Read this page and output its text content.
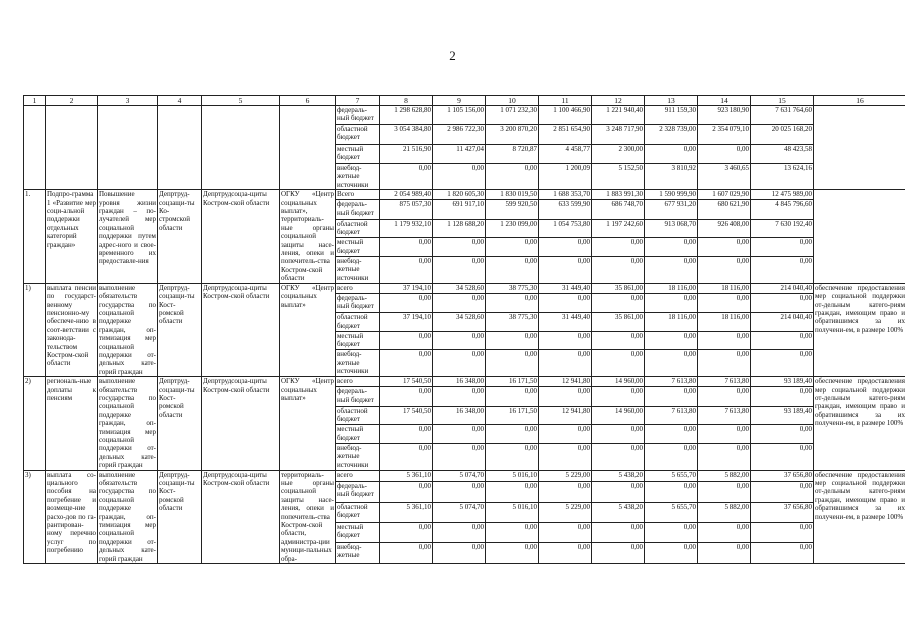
2
1	2	3	4	5	6	7	8	9	10	11	12	13	14	15	16
						федераль-ный бюджет	1 298 628,80	1 105 156,00	1 071 232,30	1 100 466,90	1 221 940,40	911 159,30	923 180,90	7 631 764,60	
						областной бюджет	3 054 384,80	2 986 722,30	3 200 870,20	2 851 654,90	3 248 717,90	2 328 739,00	2 354 079,10	20 025 168,20	
						местный бюджет	21 516,90	11 427,04	8 720,87	4 458,77	2 300,00	0,00	0,00	48 423,58	
						внебюд-жетные источники	0,00	0,00	0,00	1 200,09	5 152,50	3 810,92	3 460,65	13 624,16	
1.	Подпро-грамма 1 «Развитие мер соци-альной поддержки отдельных категорий граждан»	Повышение уровня жизни граждан – по-лучателей мер социальной поддержки путем адрес-ного и свое-временного их предоставле-ния	Депртруд-соцзащи-ты Ко-стромской области	Депртрудсоцза-щиты Костром-ской области	ОГКУ «Центр социальных выплат», территориаль-ные органы социальной защиты насе-ления, опеки и попечитель-ства Костром-ской области	Всего	2 054 989,40	1 820 605,30	1 830 019,50	1 688 353,70	1 883 991,30	1 590 999,90	1 607 029,90	12 475 989,00	
						федераль-ный бюджет	875 057,30	691 917,10	599 920,50	633 599,90	686 748,70	677 931,20	680 621,90	4 845 796,60	
						областной бюджет	1 179 932,10	1 128 688,20	1 230 099,00	1 054 753,80	1 197 242,60	913 068,70	926 408,00	7 630 192,40	
						местный бюджет	0,00	0,00	0,00	0,00	0,00	0,00	0,00	0,00	
						внебюд-жетные источники	0,00	0,00	0,00	0,00	0,00	0,00	0,00	0,00	
1)	выплата пенсии по государст-венному пенсионно-му обеспече-нию в соот-ветствии с законода-тельством Костром-ской области	выполнение обязательств государства по социальной поддержке граждан, оп-тимизация мер социальной поддержки от-дельных кате-горий граждан	Депртруд-соцзащи-ты Кост-ромской области	Депртрудсоцза-щиты Костром-ской области	ОГКУ «Центр социальных выплат»	всего	37 194,10	34 528,60	38 775,30	31 449,40	35 861,00	18 116,00	18 116,00	214 040,40	обеспечение предоставления мер социальной поддержки от-дельным катего-риям граждан, имеющим право и обратившимся за их получени-ем, в размере 100%
						федераль-ный бюджет	0,00	0,00	0,00	0,00	0,00	0,00	0,00	0,00	
						областной бюджет	37 194,10	34 528,60	38 775,30	31 449,40	35 861,00	18 116,00	18 116,00	214 040,40	
						местный бюджет	0,00	0,00	0,00	0,00	0,00	0,00	0,00	0,00	
						внебюд-жетные источники	0,00	0,00	0,00	0,00	0,00	0,00	0,00	0,00	
2)	региональ-ные доплаты к пенсиям	выполнение обязательств государства по социальной поддержке граждан, оп-тимизация мер социальной поддержки от-дельных кате-горий граждан	Депртруд-соцзащи-ты Кост-ромской области	Депртрудсоцза-щиты Костром-ской области	ОГКУ «Центр социальных выплат»	всего	17 540,50	16 348,00	16 171,50	12 941,80	14 960,00	7 613,80	7 613,80	93 189,40	обеспечение предоставления мер социальной поддержки от-дельным катего-риям граждан, имеющим право и обратившимся за их получени-ем, в размере 100%
						федераль-ный бюджет	0,00	0,00	0,00	0,00	0,00	0,00	0,00	0,00	
						областной бюджет	17 540,50	16 348,00	16 171,50	12 941,80	14 960,00	7 613,80	7 613,80	93 189,40	
						местный бюджет	0,00	0,00	0,00	0,00	0,00	0,00	0,00	0,00	
						внебюд-жетные источники	0,00	0,00	0,00	0,00	0,00	0,00	0,00	0,00	
3)	выплата со-циального пособия на погребение и возмеще-ние расхо-дов по га-рантирован-ному перечню услуг по погребению	выполнение обязательств государства по социальной поддержке граждан, оп-тимизация мер социальной поддержки от-дельных кате-горий граждан	Депртруд-соцзащи-ты Кост-ромской области	Депртрудсоцза-щиты Костром-ской области	территориаль-ные органы социальной защиты насе-ления, опеки и попечитель-ства Костром-ской области, администра-ции муници-пальных обра-	всего	5 361,10	5 074,70	5 016,10	5 229,00	5 438,20	5 655,70	5 882,00	37 656,80	обеспечение предоставления мер социальной поддержки от-дельным катего-риям граждан, имеющим право и обратившимся за их получени-ем, в размере 100%
						федераль-ный бюджет	0,00	0,00	0,00	0,00	0,00	0,00	0,00	0,00	
						областной бюджет	5 361,10	5 074,70	5 016,10	5 229,00	5 438,20	5 655,70	5 882,00	37 656,80	
						местный бюджет	0,00	0,00	0,00	0,00	0,00	0,00	0,00	0,00	
						внебюд-жетные	0,00	0,00	0,00	0,00	0,00	0,00	0,00	0,00	
